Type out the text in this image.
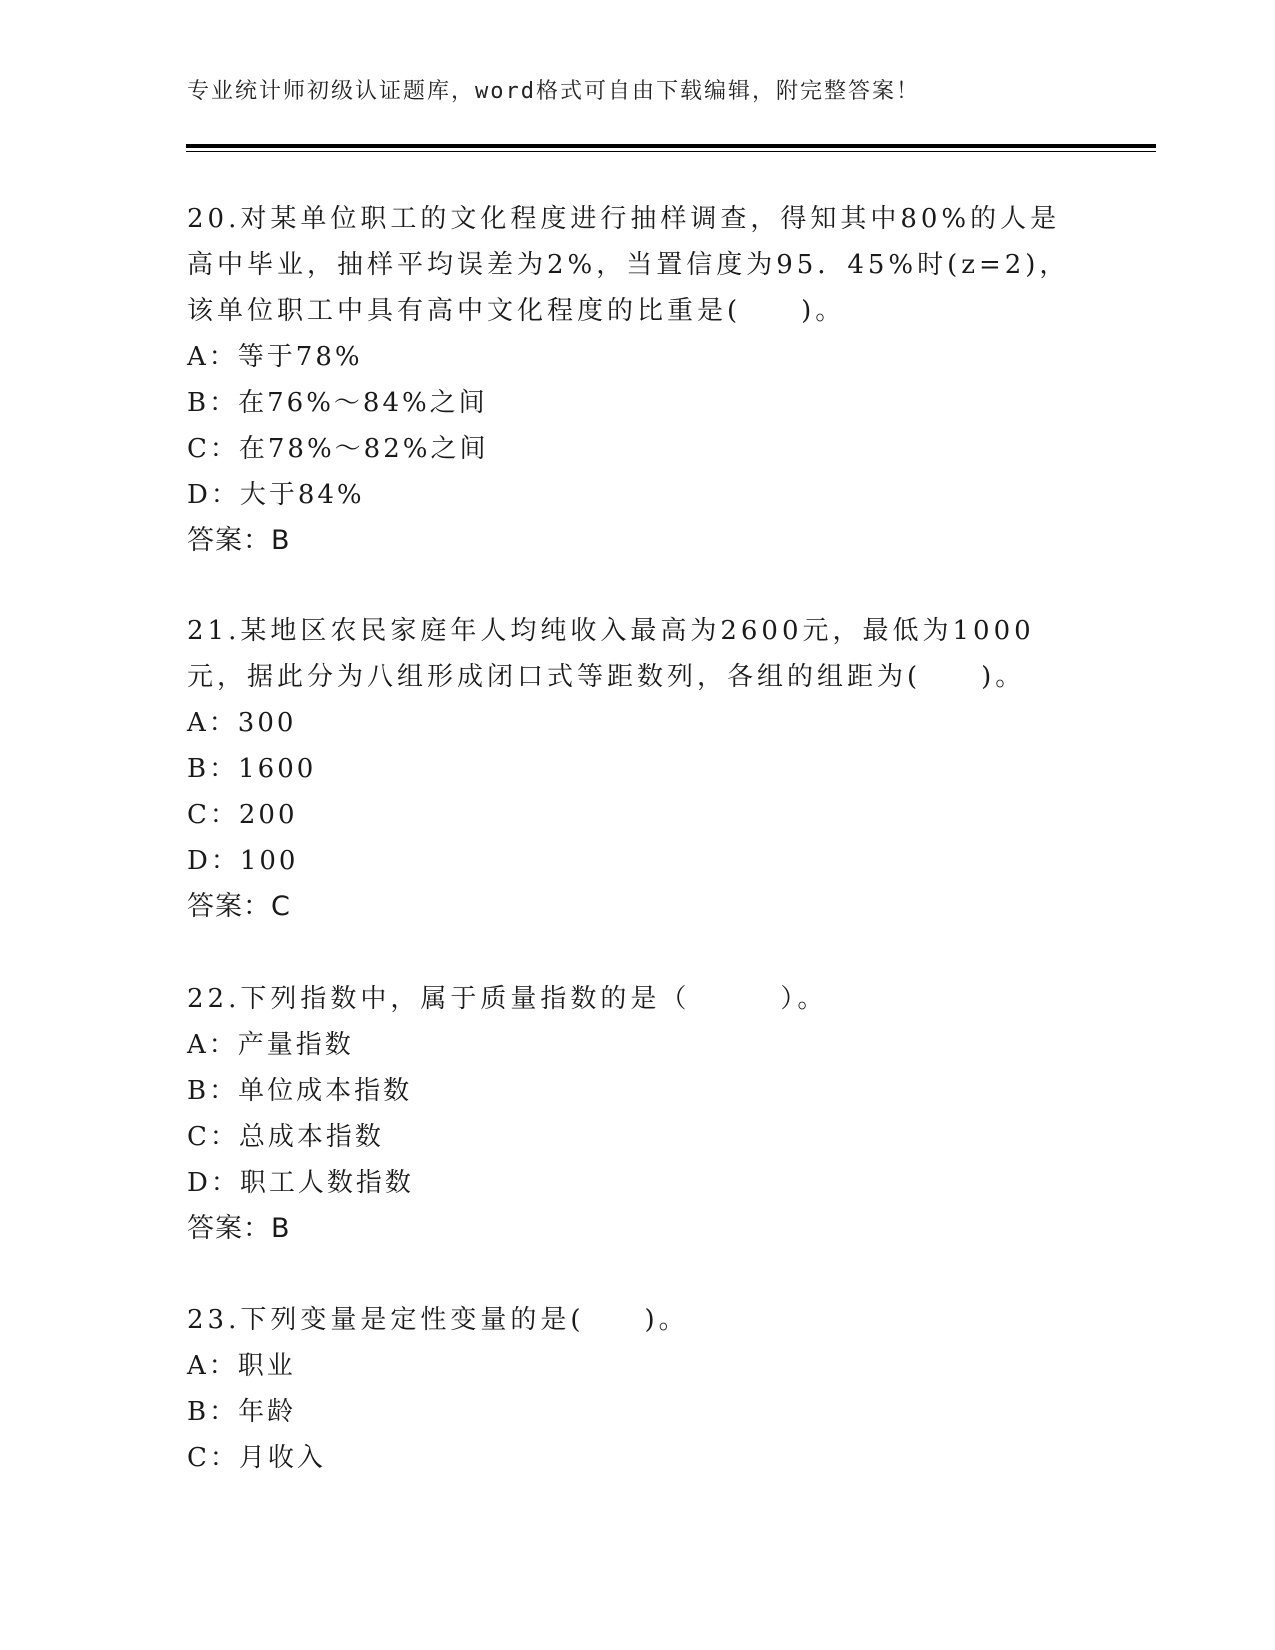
专业统计师初级认证题库，word格式可自由下载编辑，附完整答案！

20.对某单位职工的文化程度进行抽样调查，得知其中80%的人是高中毕业，抽样平均误差为2%，当置信度为95．45%时(z=2)，该单位职工中具有高中文化程度的比重是(　　)。

A：等于78%
B：在76%～84%之间
C：在78%～82%之间
D：大于84%
答案：B

21.某地区农民家庭年人均纯收入最高为2600元，最低为1000元，据此分为八组形成闭口式等距数列，各组的组距为(　　)。

A：300
B：1600
C：200
D：100
答案：C

22.下列指数中，属于质量指数的是（　　　）。

A：产量指数
B：单位成本指数
C：总成本指数
D：职工人数指数
答案：B

23.下列变量是定性变量的是(　　)。

A：职业
B：年龄
C：月收入
